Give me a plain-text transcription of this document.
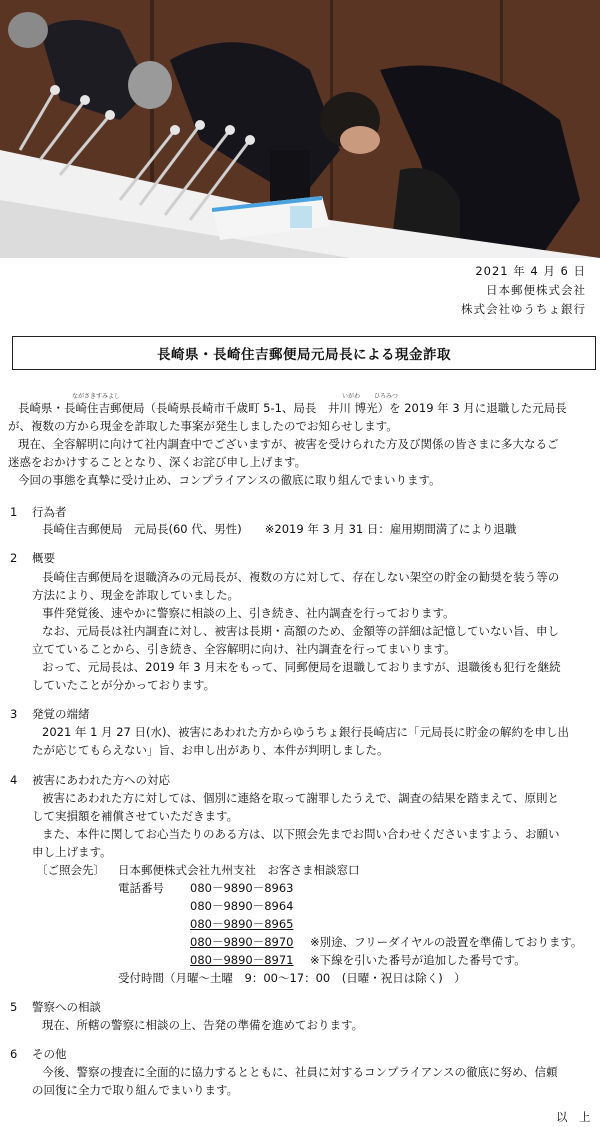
2021 年 4 月 6 日
日本郵便株式会社
株式会社ゆうちょ銀行
長崎県・長崎住吉郵便局元局長による現金詐取
ながさきすみよし	いがわ ひろみつ
長崎県・長崎住吉郵便局（長崎県長崎市千歳町 5-1、局長　井川 博光）を 2019 年 3 月に退職した元局長
が、複数の方から現金を詐取した事案が発生しましたのでお知らせします。
現在、全容解明に向けて社内調査中でございますが、被害を受けられた方及び関係の皆さまに多大なるご
迷惑をおかけすることとなり、深くお詫び申し上げます。
今回の事態を真摯に受け止め、コンプライアンスの徹底に取り組んでまいります。
1 行為者
長崎住吉郵便局　元局長(60 代、男性)　　※2019 年 3 月 31 日：雇用期間満了により退職
2 概要
長崎住吉郵便局を退職済みの元局長が、複数の方に対して、存在しない架空の貯金の勧奨を装う等の
方法により、現金を詐取していました。
事件発覚後、速やかに警察に相談の上、引き続き、社内調査を行っております。
なお、元局長は社内調査に対し、被害は長期・高額のため、金額等の詳細は記憶していない旨、申し
立てていることから、引き続き、全容解明に向け、社内調査を行ってまいります。
おって、元局長は、2019 年 3 月末をもって、同郵便局を退職しておりますが、退職後も犯行を継続
していたことが分かっております。
3 発覚の端緒
2021 年 1 月 27 日(水)、被害にあわれた方からゆうちょ銀行長崎店に「元局長に貯金の解約を申し出
たが応じてもらえない」旨、お申し出があり、本件が判明しました。
4 被害にあわれた方への対応
被害にあわれた方に対しては、個別に連絡を取って謝罪したうえで、調査の結果を踏まえて、原則と
して実損額を補償させていただきます。
また、本件に関してお心当たりのある方は、以下照会先までお問い合わせくださいますよう、お願い
申し上げます。
〔ご照会先〕 日本郵便株式会社九州支社　お客さま相談窓口
電話番号 080－9890－8963
080－9890－8964
080－9890－8965
080－9890－8970
080－9890－8971
※別途、フリーダイヤルの設置を準備しております。
※下線を引いた番号が追加した番号です。
受付時間（月曜～土曜　9：00～17：00　(日曜・祝日は除く)　）
5 警察への相談
現在、所轄の警察に相談の上、告発の準備を進めております。
6 その他
今後、警察の捜査に全面的に協力するとともに、社員に対するコンプライアンスの徹底に努め、信頼
の回復に全力で取り組んでまいります。
以　上
